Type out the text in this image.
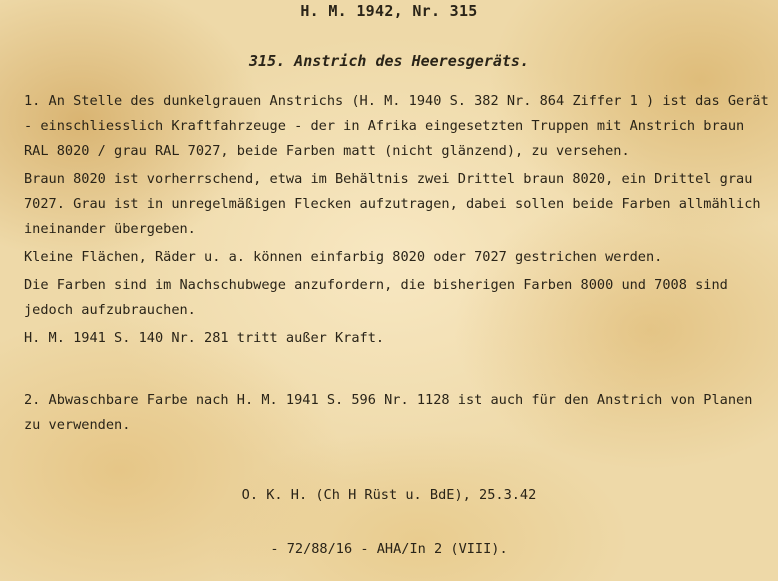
H. M. 1942, Nr. 315
315. Anstrich des Heeresgeräts.

1. An Stelle des dunkelgrauen Anstrichs (H. M. 1940 S. 382 Nr. 864 Ziffer 1 ) ist das Gerät - einschliesslich Kraftfahrzeuge - der in Afrika eingesetzten Truppen mit Anstrich braun RAL 8020 / grau RAL 7027, beide Farben matt (nicht glänzend), zu versehen.

Braun 8020 ist vorherrschend, etwa im Behältnis zwei Drittel braun 8020, ein Drittel grau 7027. Grau ist in unregelmäßigen Flecken aufzutragen, dabei sollen beide Farben allmählich ineinander übergeben.

Kleine Flächen, Räder u. a. können einfarbig 8020 oder 7027 gestrichen werden.

Die Farben sind im Nachschubwege anzufordern, die bisherigen Farben 8000 und 7008 sind jedoch aufzubrauchen.

H. M. 1941 S. 140 Nr. 281 tritt außer Kraft.

2. Abwaschbare Farbe nach H. M. 1941 S. 596 Nr. 1128 ist auch für den Anstrich von Planen zu verwenden.

O. K. H. (Ch H Rüst u. BdE), 25.3.42
- 72/88/16 - AHA/In 2 (VIII).
